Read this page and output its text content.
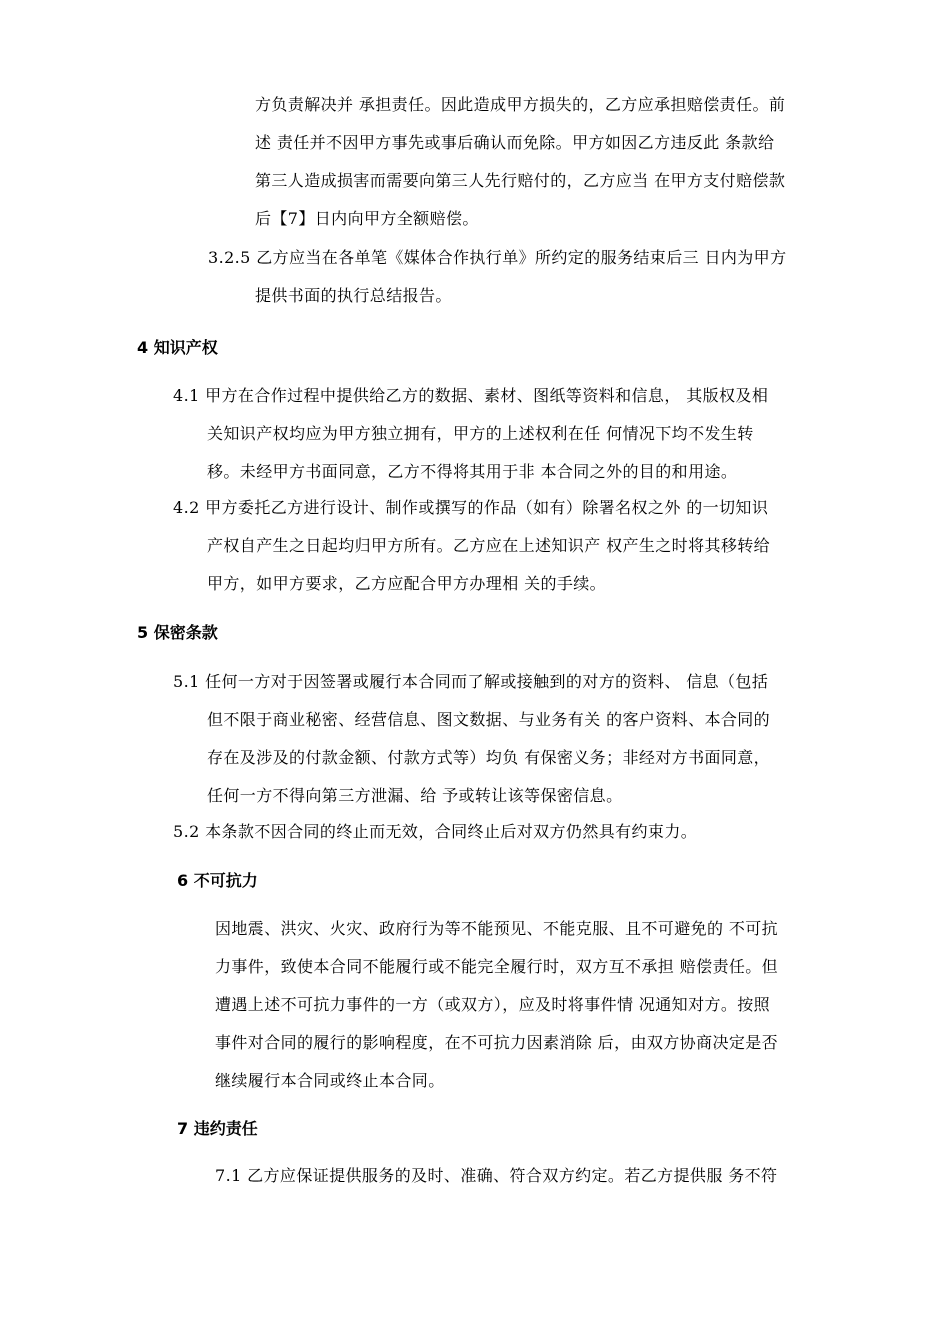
方负责解决并 承担责任。因此造成甲方损失的，乙方应承担赔偿责任。前
述 责任并不因甲方事先或事后确认而免除。甲方如因乙方违反此 条款给
第三人造成损害而需要向第三人先行赔付的，乙方应当 在甲方支付赔偿款
后【7】日内向甲方全额赔偿。
3.2.5 乙方应当在各单笔《媒体合作执行单》所约定的服务结束后三 日内为甲方
提供书面的执行总结报告。
4 知识产权
4.1 甲方在合作过程中提供给乙方的数据、素材、图纸等资料和信息， 其版权及相
关知识产权均应为甲方独立拥有，甲方的上述权利在任 何情况下均不发生转
移。未经甲方书面同意，乙方不得将其用于非 本合同之外的目的和用途。
4.2 甲方委托乙方进行设计、制作或撰写的作品（如有）除署名权之外 的一切知识
产权自产生之日起均归甲方所有。乙方应在上述知识产 权产生之时将其移转给
甲方，如甲方要求，乙方应配合甲方办理相 关的手续。
5 保密条款
5.1 任何一方对于因签署或履行本合同而了解或接触到的对方的资料、 信息（包括
但不限于商业秘密、经营信息、图文数据、与业务有关 的客户资料、本合同的
存在及涉及的付款金额、付款方式等）均负 有保密义务；非经对方书面同意，
任何一方不得向第三方泄漏、给 予或转让该等保密信息。
5.2 本条款不因合同的终止而无效，合同终止后对双方仍然具有约束力。
6 不可抗力
因地震、洪灾、火灾、政府行为等不能预见、不能克服、且不可避免的 不可抗
力事件，致使本合同不能履行或不能完全履行时，双方互不承担 赔偿责任。但
遭遇上述不可抗力事件的一方（或双方），应及时将事件情 况通知对方。按照
事件对合同的履行的影响程度，在不可抗力因素消除 后，由双方协商决定是否
继续履行本合同或终止本合同。
7 违约责任
7.1 乙方应保证提供服务的及时、准确、符合双方约定。若乙方提供服 务不符
